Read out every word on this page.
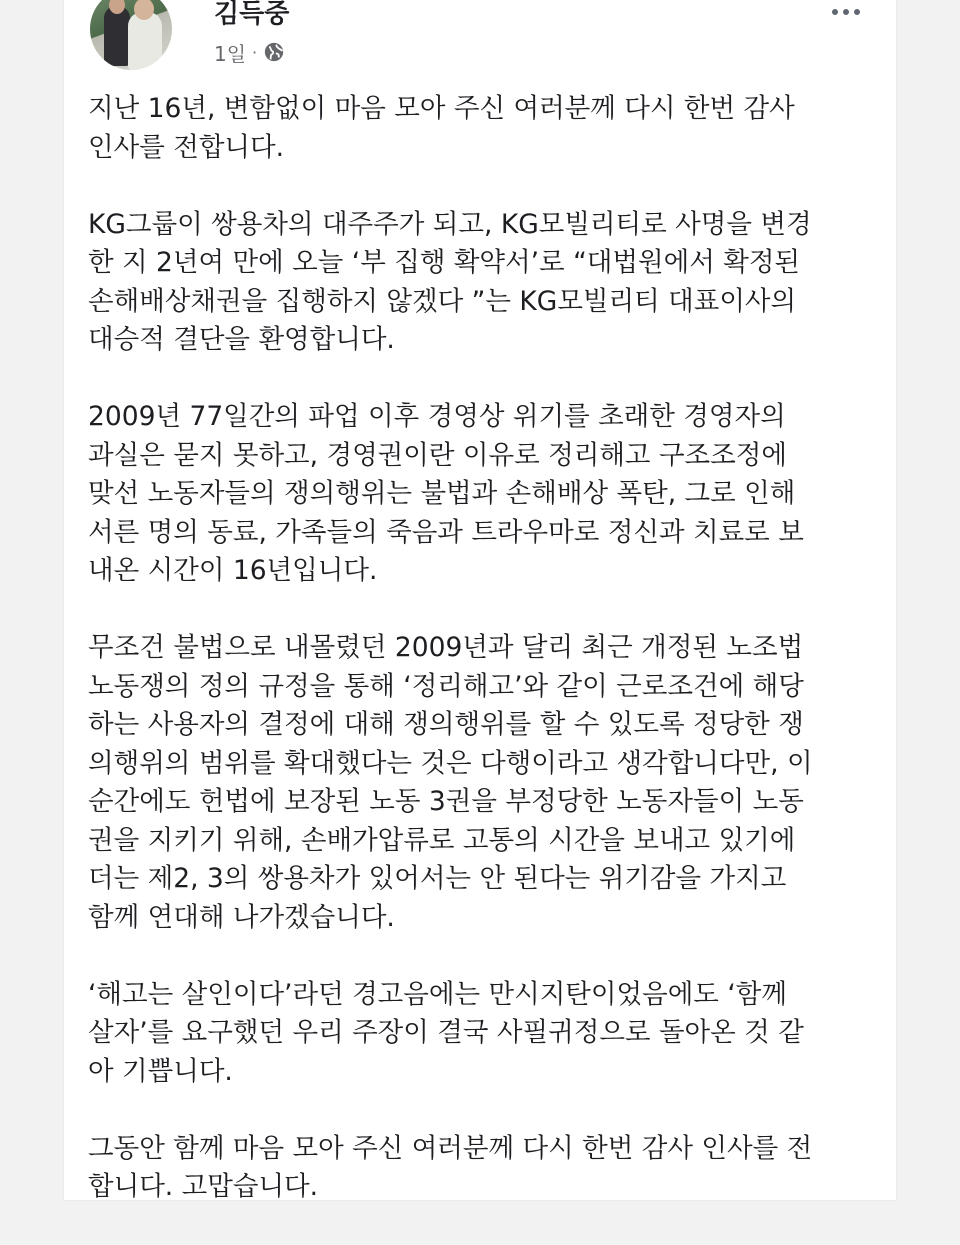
김득중
1일 ·

지난 16년, 변함없이 마음 모아 주신 여러분께 다시 한번 감사
인사를 전합니다.

KG그룹이 쌍용차의 대주주가 되고, KG모빌리티로 사명을 변경
한 지 2년여 만에 오늘 ‘부 집행 확약서’로 “대법원에서 확정된
손해배상채권을 집행하지 않겠다 ”는 KG모빌리티 대표이사의
대승적 결단을 환영합니다.

2009년 77일간의 파업 이후 경영상 위기를 초래한 경영자의
과실은 묻지 못하고, 경영권이란 이유로 정리해고 구조조정에
맞선 노동자들의 쟁의행위는 불법과 손해배상 폭탄, 그로 인해
서른 명의 동료, 가족들의 죽음과 트라우마로 정신과 치료로 보
내온 시간이 16년입니다.

무조건 불법으로 내몰렸던 2009년과 달리 최근 개정된 노조법
노동쟁의 정의 규정을 통해 ‘정리해고’와 같이 근로조건에 해당
하는 사용자의 결정에 대해 쟁의행위를 할 수 있도록 정당한 쟁
의행위의 범위를 확대했다는 것은 다행이라고 생각합니다만, 이
순간에도 헌법에 보장된 노동 3권을 부정당한 노동자들이 노동
권을 지키기 위해, 손배가압류로 고통의 시간을 보내고 있기에
더는 제2, 3의 쌍용차가 있어서는 안 된다는 위기감을 가지고
함께 연대해 나가겠습니다.

‘해고는 살인이다’라던 경고음에는 만시지탄이었음에도 ‘함께
살자’를 요구했던 우리 주장이 결국 사필귀정으로 돌아온 것 같
아 기쁩니다.

그동안 함께 마음 모아 주신 여러분께 다시 한번 감사 인사를 전
합니다. 고맙습니다.
